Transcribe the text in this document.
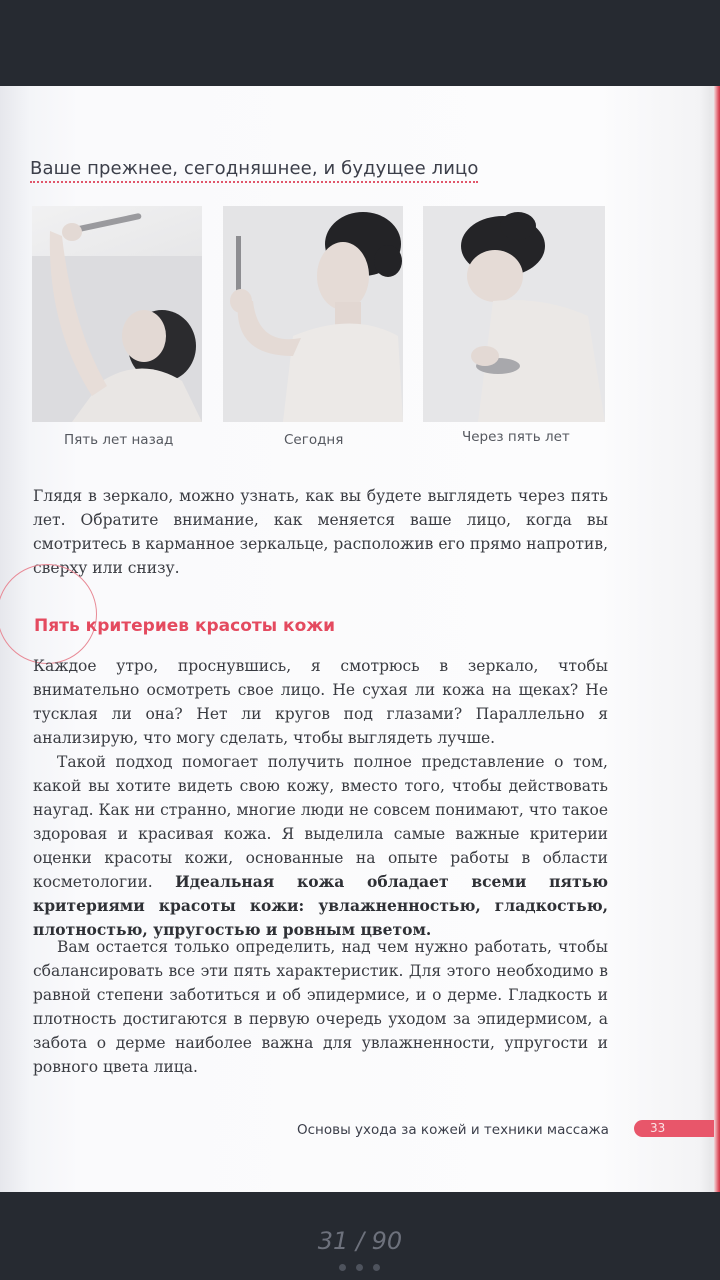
Ваше прежнее, сегодняшнее, и будущее лицо
Пять лет назад	Сегодня	Через пять лет

Глядя в зеркало, можно узнать, как вы будете выглядеть через пять лет. Обратите внимание, как меняется ваше лицо, когда вы смотритесь в карманное зеркальце, расположив его прямо напротив, сверху или снизу.

Пять критериев красоты кожи

Каждое утро, проснувшись, я смотрюсь в зеркало, чтобы внимательно осмотреть свое лицо. Не сухая ли кожа на щеках? Не тусклая ли она? Нет ли кругов под глазами? Параллельно я анализирую, что могу сделать, чтобы выглядеть лучше.

Такой подход помогает получить полное представление о том, какой вы хотите видеть свою кожу, вместо того, чтобы действовать наугад. Как ни странно, многие люди не совсем понимают, что такое здоровая и красивая кожа. Я выделила самые важные критерии оценки красоты кожи, основанные на опыте работы в области косметологии. Идеальная кожа обладает всеми пятью критериями красоты кожи: увлажненностью, гладкостью, плотностью, упругостью и ровным цветом.

Вам остается только определить, над чем нужно работать, чтобы сбалансировать все эти пять характеристик. Для этого необходимо в равной степени заботиться и об эпидермисе, и о дерме. Гладкость и плотность достигаются в первую очередь уходом за эпидермисом, а забота о дерме наиболее важна для увлажненности, упругости и ровного цвета лица.

Основы ухода за кожей и техники массажа	33
31 / 90
